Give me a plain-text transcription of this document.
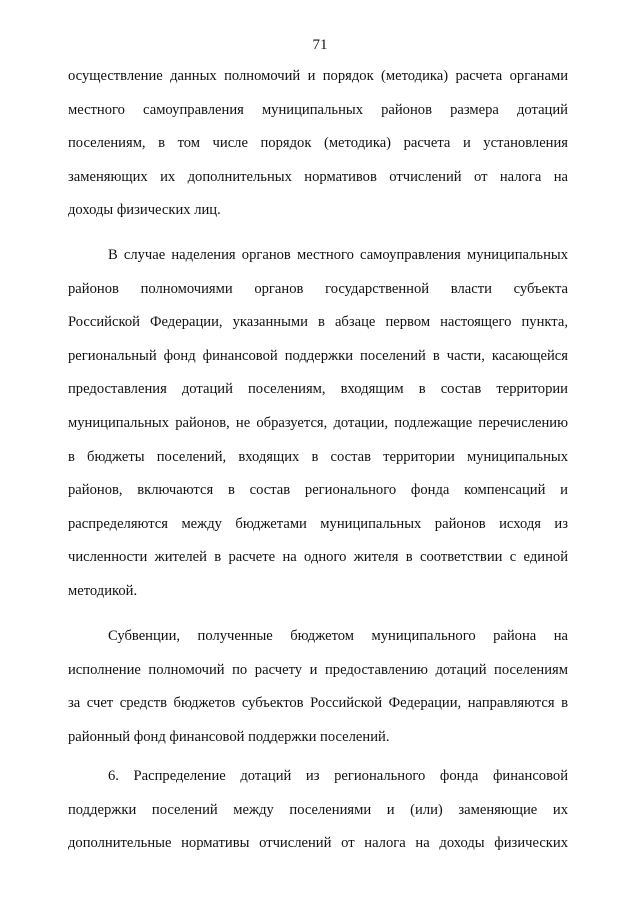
71
осуществление данных полномочий и порядок (методика) расчета органами
местного самоуправления муниципальных районов размера дотаций
поселениям, в том числе порядок (методика) расчета и установления
заменяющих их дополнительных нормативов отчислений от налога на
доходы физических лиц.
В случае наделения органов местного самоуправления муниципальных
районов полномочиями органов государственной власти субъекта
Российской Федерации, указанными в абзаце первом настоящего пункта,
региональный фонд финансовой поддержки поселений в части, касающейся
предоставления дотаций поселениям, входящим в состав территории
муниципальных районов, не образуется, дотации, подлежащие перечислению
в бюджеты поселений, входящих в состав территории муниципальных
районов, включаются в состав регионального фонда компенсаций и
распределяются между бюджетами муниципальных районов исходя из
численности жителей в расчете на одного жителя в соответствии с единой
методикой.
Субвенции, полученные бюджетом муниципального района на
исполнение полномочий по расчету и предоставлению дотаций поселениям
за счет средств бюджетов субъектов Российской Федерации, направляются в
районный фонд финансовой поддержки поселений.
6. Распределение дотаций из регионального фонда финансовой
поддержки поселений между поселениями и (или) заменяющие их
дополнительные нормативы отчислений от налога на доходы физических
